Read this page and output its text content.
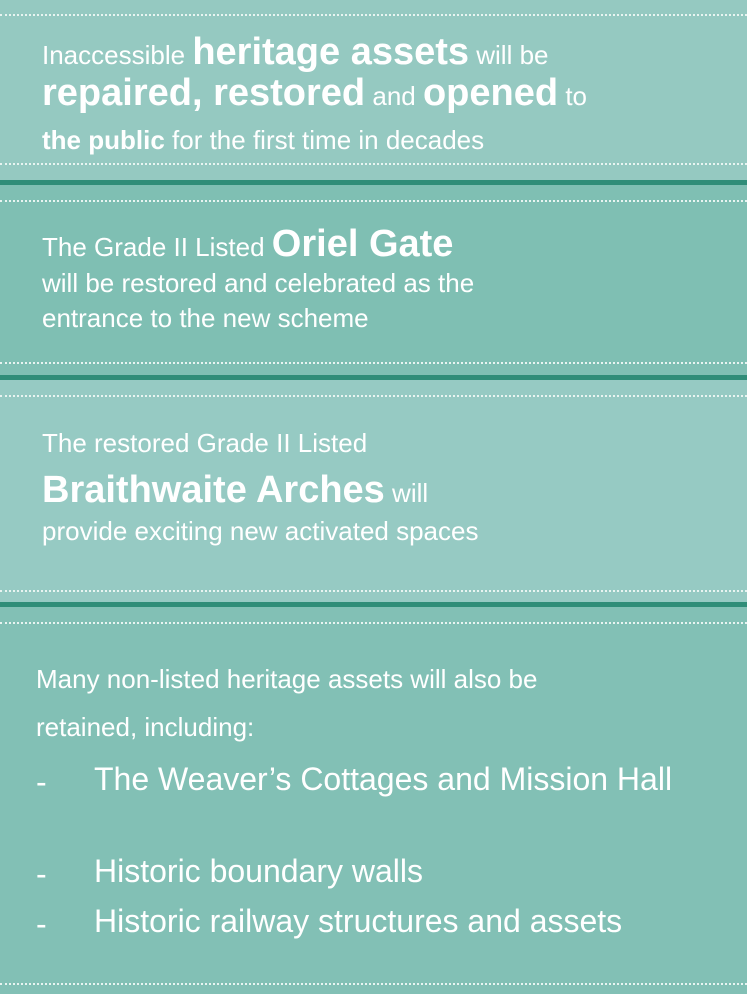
Inaccessible heritage assets will be
repaired, restored and opened to
the public for the first time in decades
The Grade II Listed Oriel Gate
will be restored and celebrated as the
entrance to the new scheme
The restored Grade II Listed
Braithwaite Arches will
provide exciting new activated spaces
Many non-listed heritage assets will also be
retained, including:
- The Weaver’s Cottages and Mission Hall
- Historic boundary walls
- Historic railway structures and assets
